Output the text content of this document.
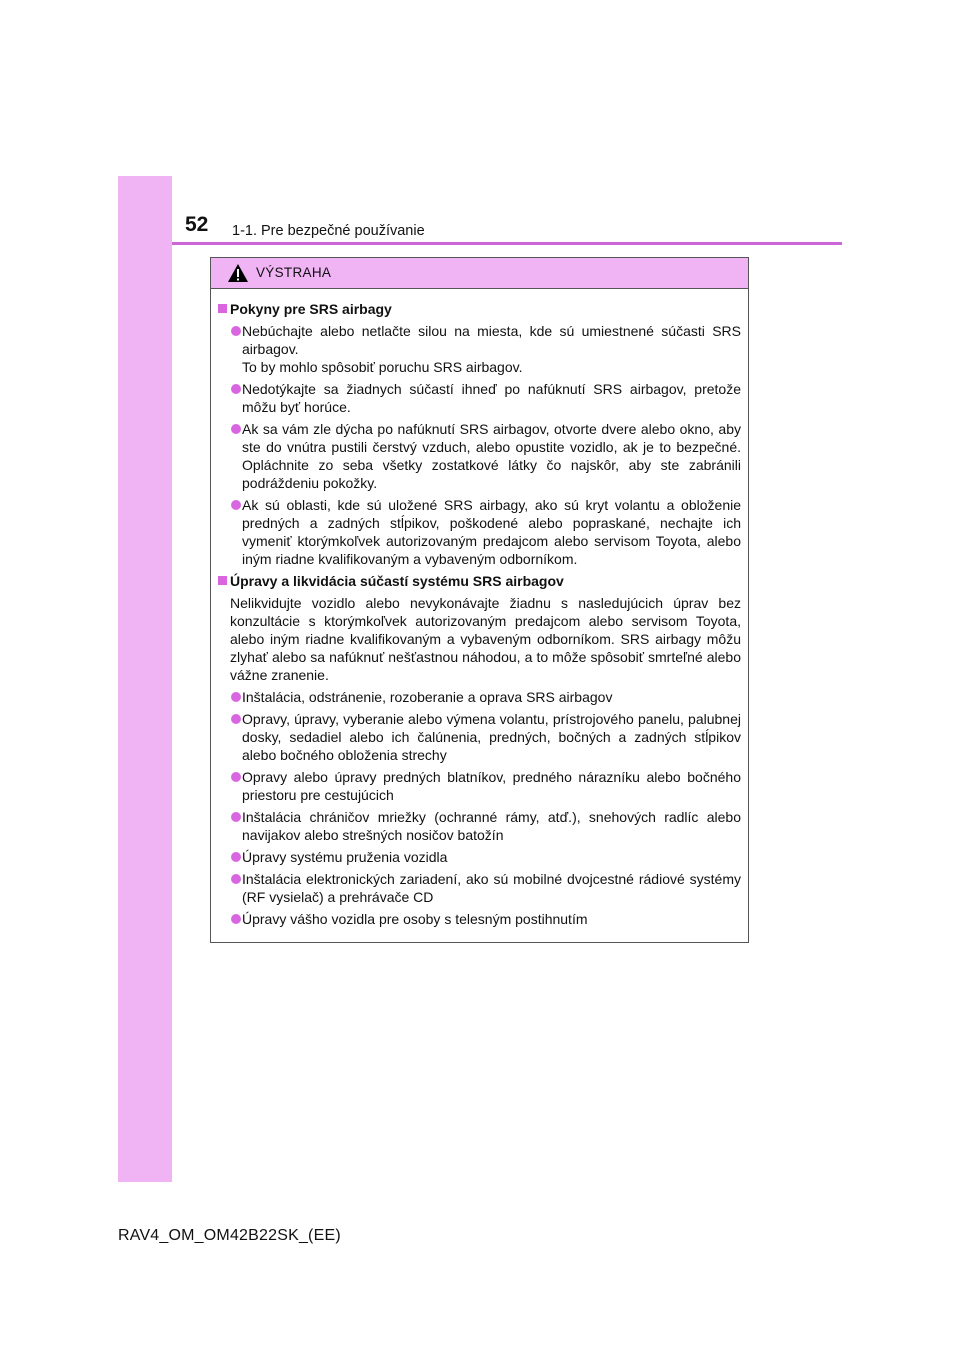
52 1-1. Pre bezpečné používanie
VÝSTRAHA
Pokyny pre SRS airbagy
Nebúchajte alebo netlačte silou na miesta, kde sú umiestnené súčasti SRS airbagov.
To by mohlo spôsobiť poruchu SRS airbagov.
Nedotýkajte sa žiadnych súčastí ihneď po nafúknutí SRS airbagov, pretože môžu byť horúce.
Ak sa vám zle dýcha po nafúknutí SRS airbagov, otvorte dvere alebo okno, aby ste do vnútra pustili čerstvý vzduch, alebo opustite vozidlo, ak je to bezpečné. Opláchnite zo seba všetky zostatkové látky čo najskôr, aby ste zabránili podráždeniu pokožky.
Ak sú oblasti, kde sú uložené SRS airbagy, ako sú kryt volantu a obloženie predných a zadných stĺpikov, poškodené alebo popraskané, nechajte ich vymeniť ktorýmkoľvek autorizovaným predajcom alebo servisom Toyota, alebo iným riadne kvalifikovaným a vybaveným odborníkom.
Úpravy a likvidácia súčastí systému SRS airbagov
Nelikvidujte vozidlo alebo nevykonávajte žiadnu s nasledujúcich úprav bez konzultácie s ktorýmkoľvek autorizovaným predajcom alebo servisom Toyota, alebo iným riadne kvalifikovaným a vybaveným odborníkom. SRS airbagy môžu zlyhať alebo sa nafúknuť nešťastnou náhodou, a to môže spôsobiť smrteľné alebo vážne zranenie.
Inštalácia, odstránenie, rozoberanie a oprava SRS airbagov
Opravy, úpravy, vyberanie alebo výmena volantu, prístrojového panelu, palubnej dosky, sedadiel alebo ich čalúnenia, predných, bočných a zadných stĺpikov alebo bočného obloženia strechy
Opravy alebo úpravy predných blatníkov, predného nárazníku alebo bočného priestoru pre cestujúcich
Inštalácia chráničov mriežky (ochranné rámy, atď.), snehových radlíc alebo navijakov alebo strešných nosičov batožín
Úpravy systému pruženia vozidla
Inštalácia elektronických zariadení, ako sú mobilné dvojcestné rádiové systémy (RF vysielač) a prehrávače CD
Úpravy vášho vozidla pre osoby s telesným postihnutím
RAV4_OM_OM42B22SK_(EE)
